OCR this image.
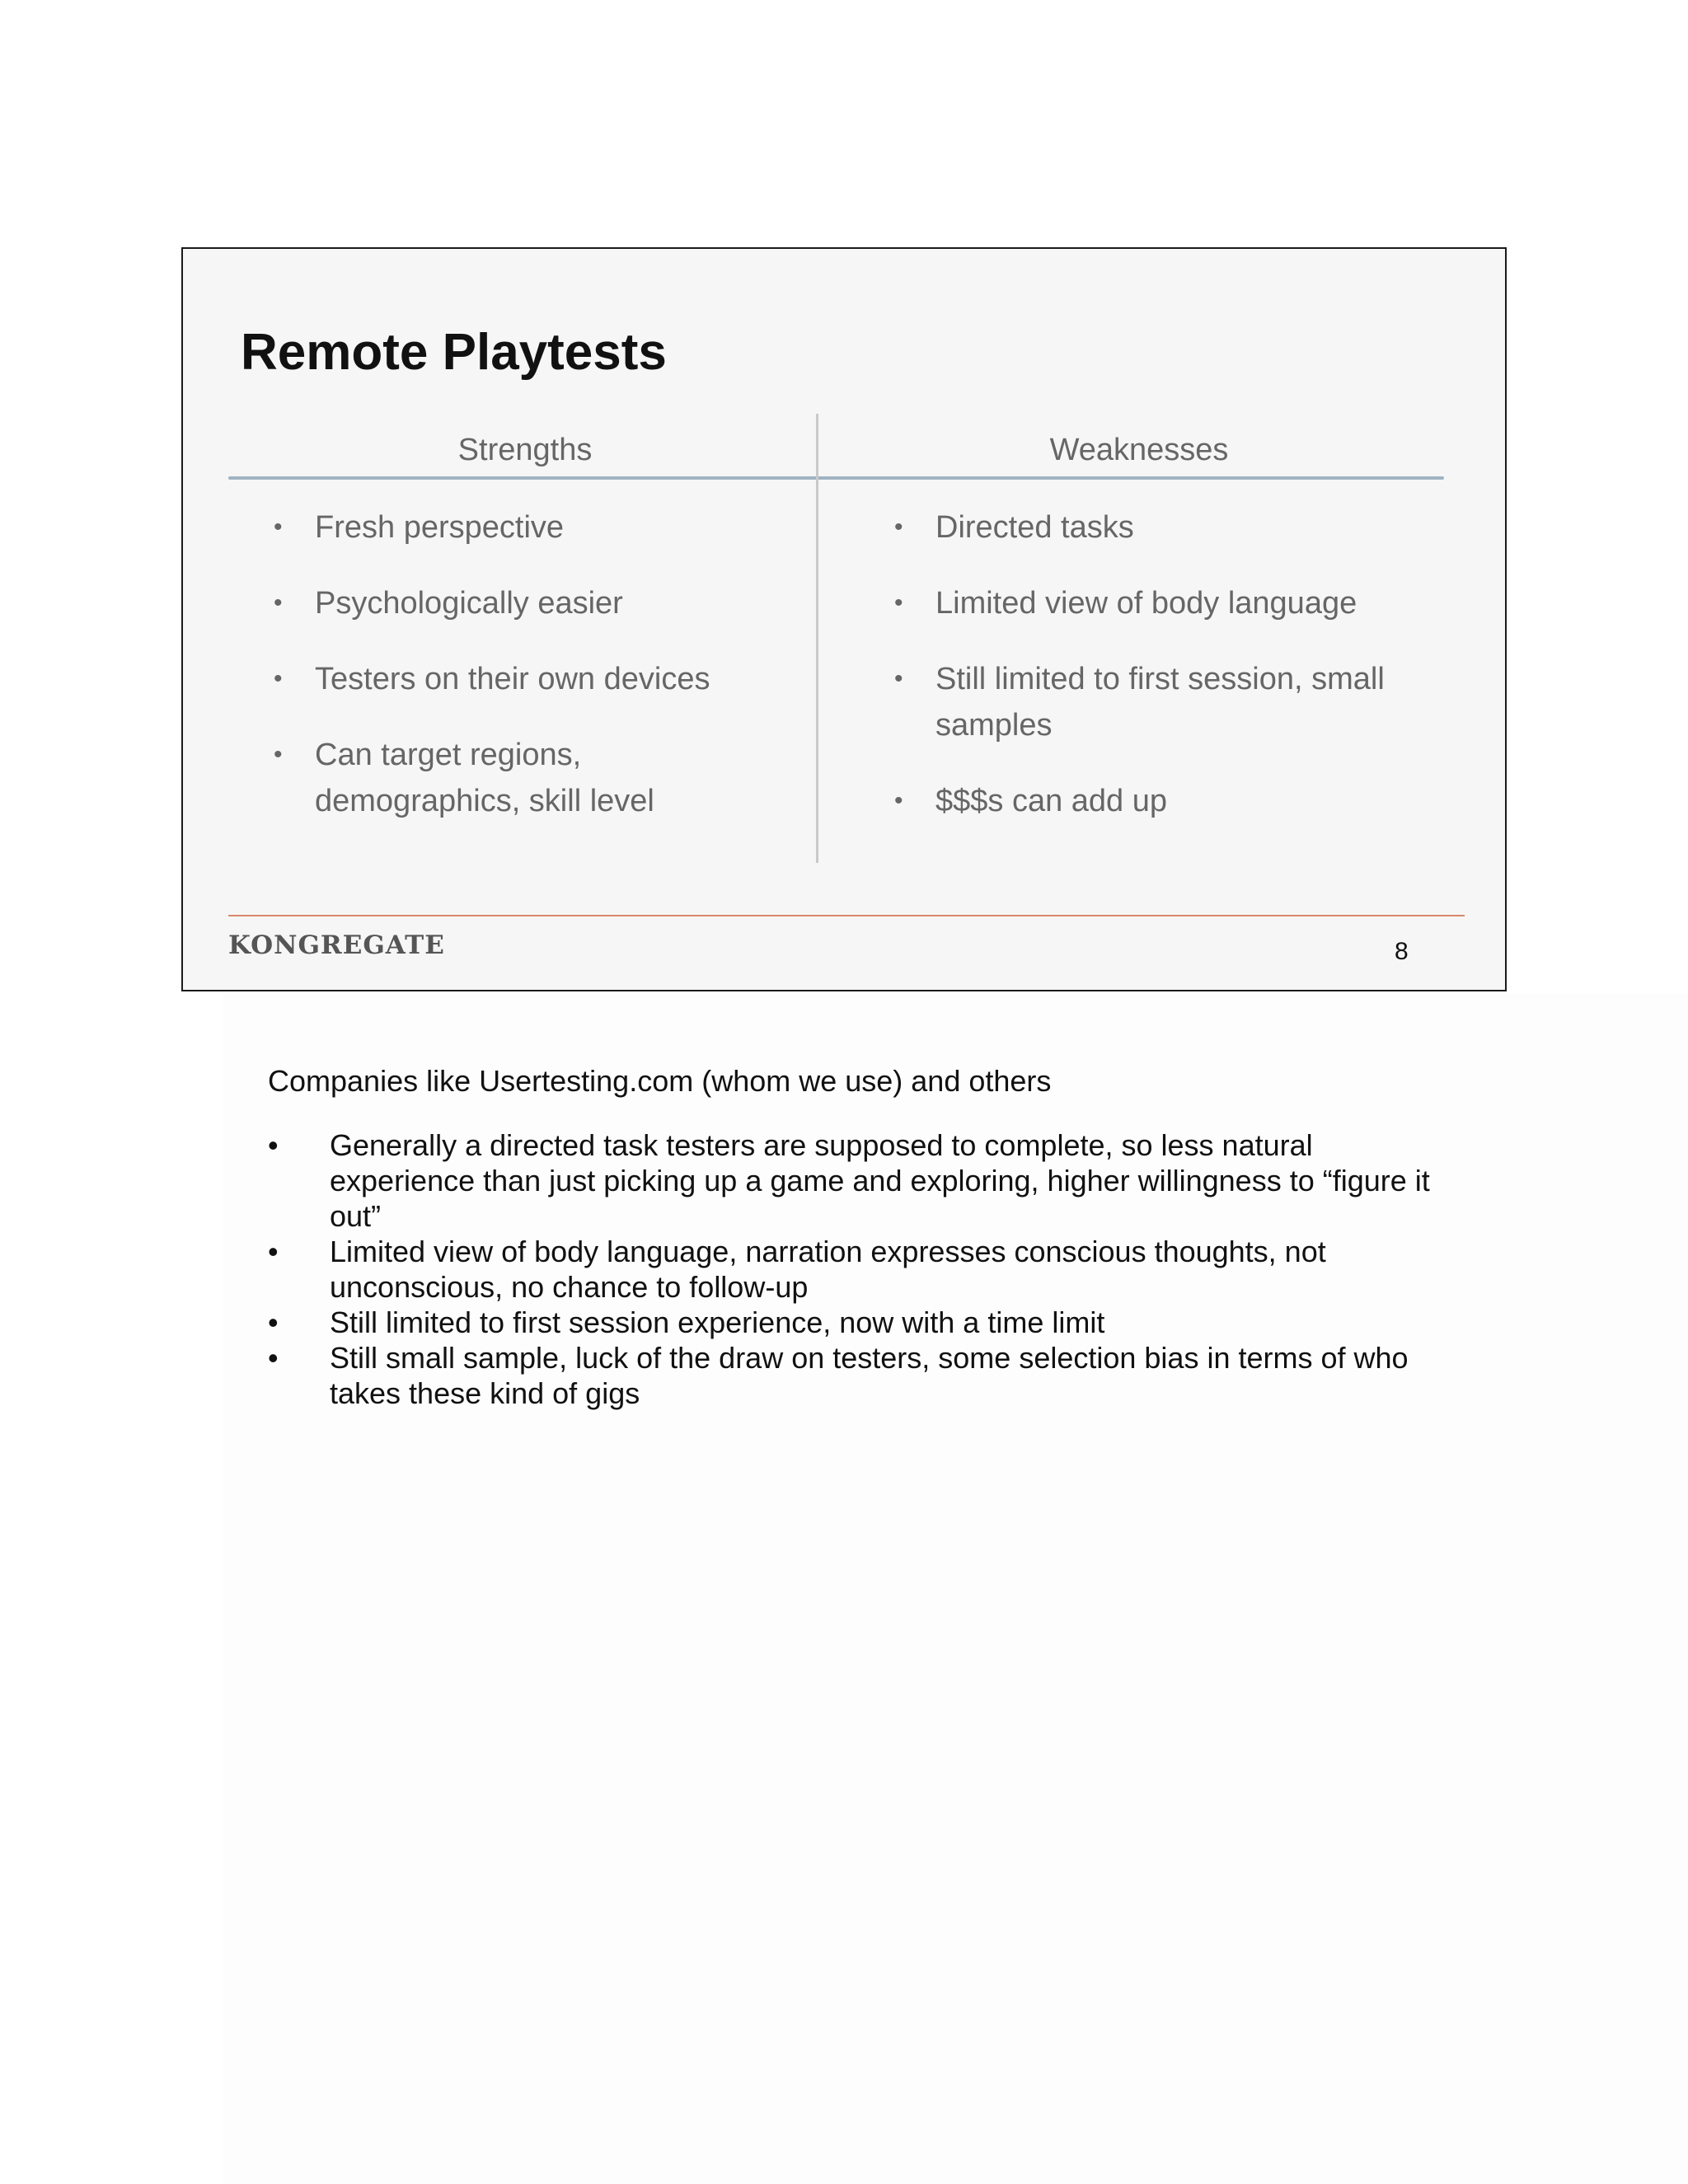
Remote Playtests
Strengths	Weaknesses
• Fresh perspective
• Psychologically easier
• Testers on their own devices
• Can target regions, demographics, skill level
• Directed tasks
• Limited view of body language
• Still limited to first session, small samples
• $$$s can add up
KONGREGATE	8

Companies like Usertesting.com (whom we use) and others

• Generally a directed task testers are supposed to complete, so less natural experience than just picking up a game and exploring, higher willingness to “figure it out”
• Limited view of body language, narration expresses conscious thoughts, not unconscious, no chance to follow-up
• Still limited to first session experience, now with a time limit
• Still small sample, luck of the draw on testers, some selection bias in terms of who takes these kind of gigs
